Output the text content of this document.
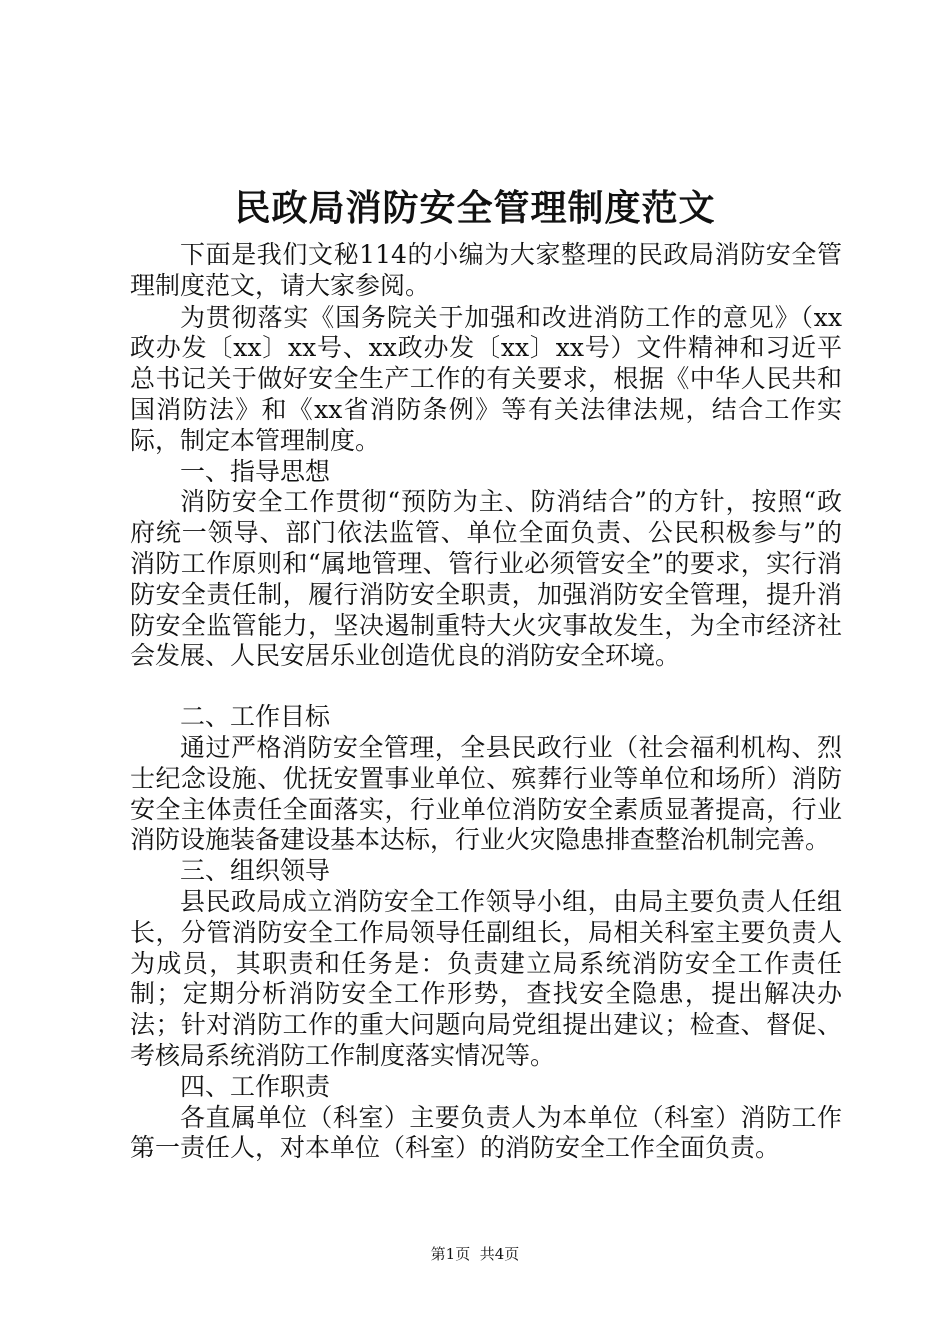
民政局消防安全管理制度范文

下面是我们文秘114的小编为大家整理的民政局消防安全管理制度范文，请大家参阅。

为贯彻落实《国务院关于加强和改进消防工作的意见》（xx政办发〔xx〕xx号、xx政办发〔xx〕xx号）文件精神和习近平总书记关于做好安全生产工作的有关要求，根据《中华人民共和国消防法》和《xx省消防条例》等有关法律法规，结合工作实际，制定本管理制度。

一、指导思想

消防安全工作贯彻“预防为主、防消结合”的方针，按照“政府统一领导、部门依法监管、单位全面负责、公民积极参与”的消防工作原则和“属地管理、管行业必须管安全”的要求，实行消防安全责任制，履行消防安全职责，加强消防安全管理，提升消防安全监管能力，坚决遏制重特大火灾事故发生，为全市经济社会发展、人民安居乐业创造优良的消防安全环境。

二、工作目标

通过严格消防安全管理，全县民政行业（社会福利机构、烈士纪念设施、优抚安置事业单位、殡葬行业等单位和场所）消防安全主体责任全面落实，行业单位消防安全素质显著提高，行业消防设施装备建设基本达标，行业火灾隐患排查整治机制完善。

三、组织领导

县民政局成立消防安全工作领导小组，由局主要负责人任组长，分管消防安全工作局领导任副组长，局相关科室主要负责人为成员，其职责和任务是：负责建立局系统消防安全工作责任制；定期分析消防安全工作形势，查找安全隐患，提出解决办法；针对消防工作的重大问题向局党组提出建议；检查、督促、考核局系统消防工作制度落实情况等。

四、工作职责

各直属单位（科室）主要负责人为本单位（科室）消防工作第一责任人，对本单位（科室）的消防安全工作全面负责。

第1页 共4页
